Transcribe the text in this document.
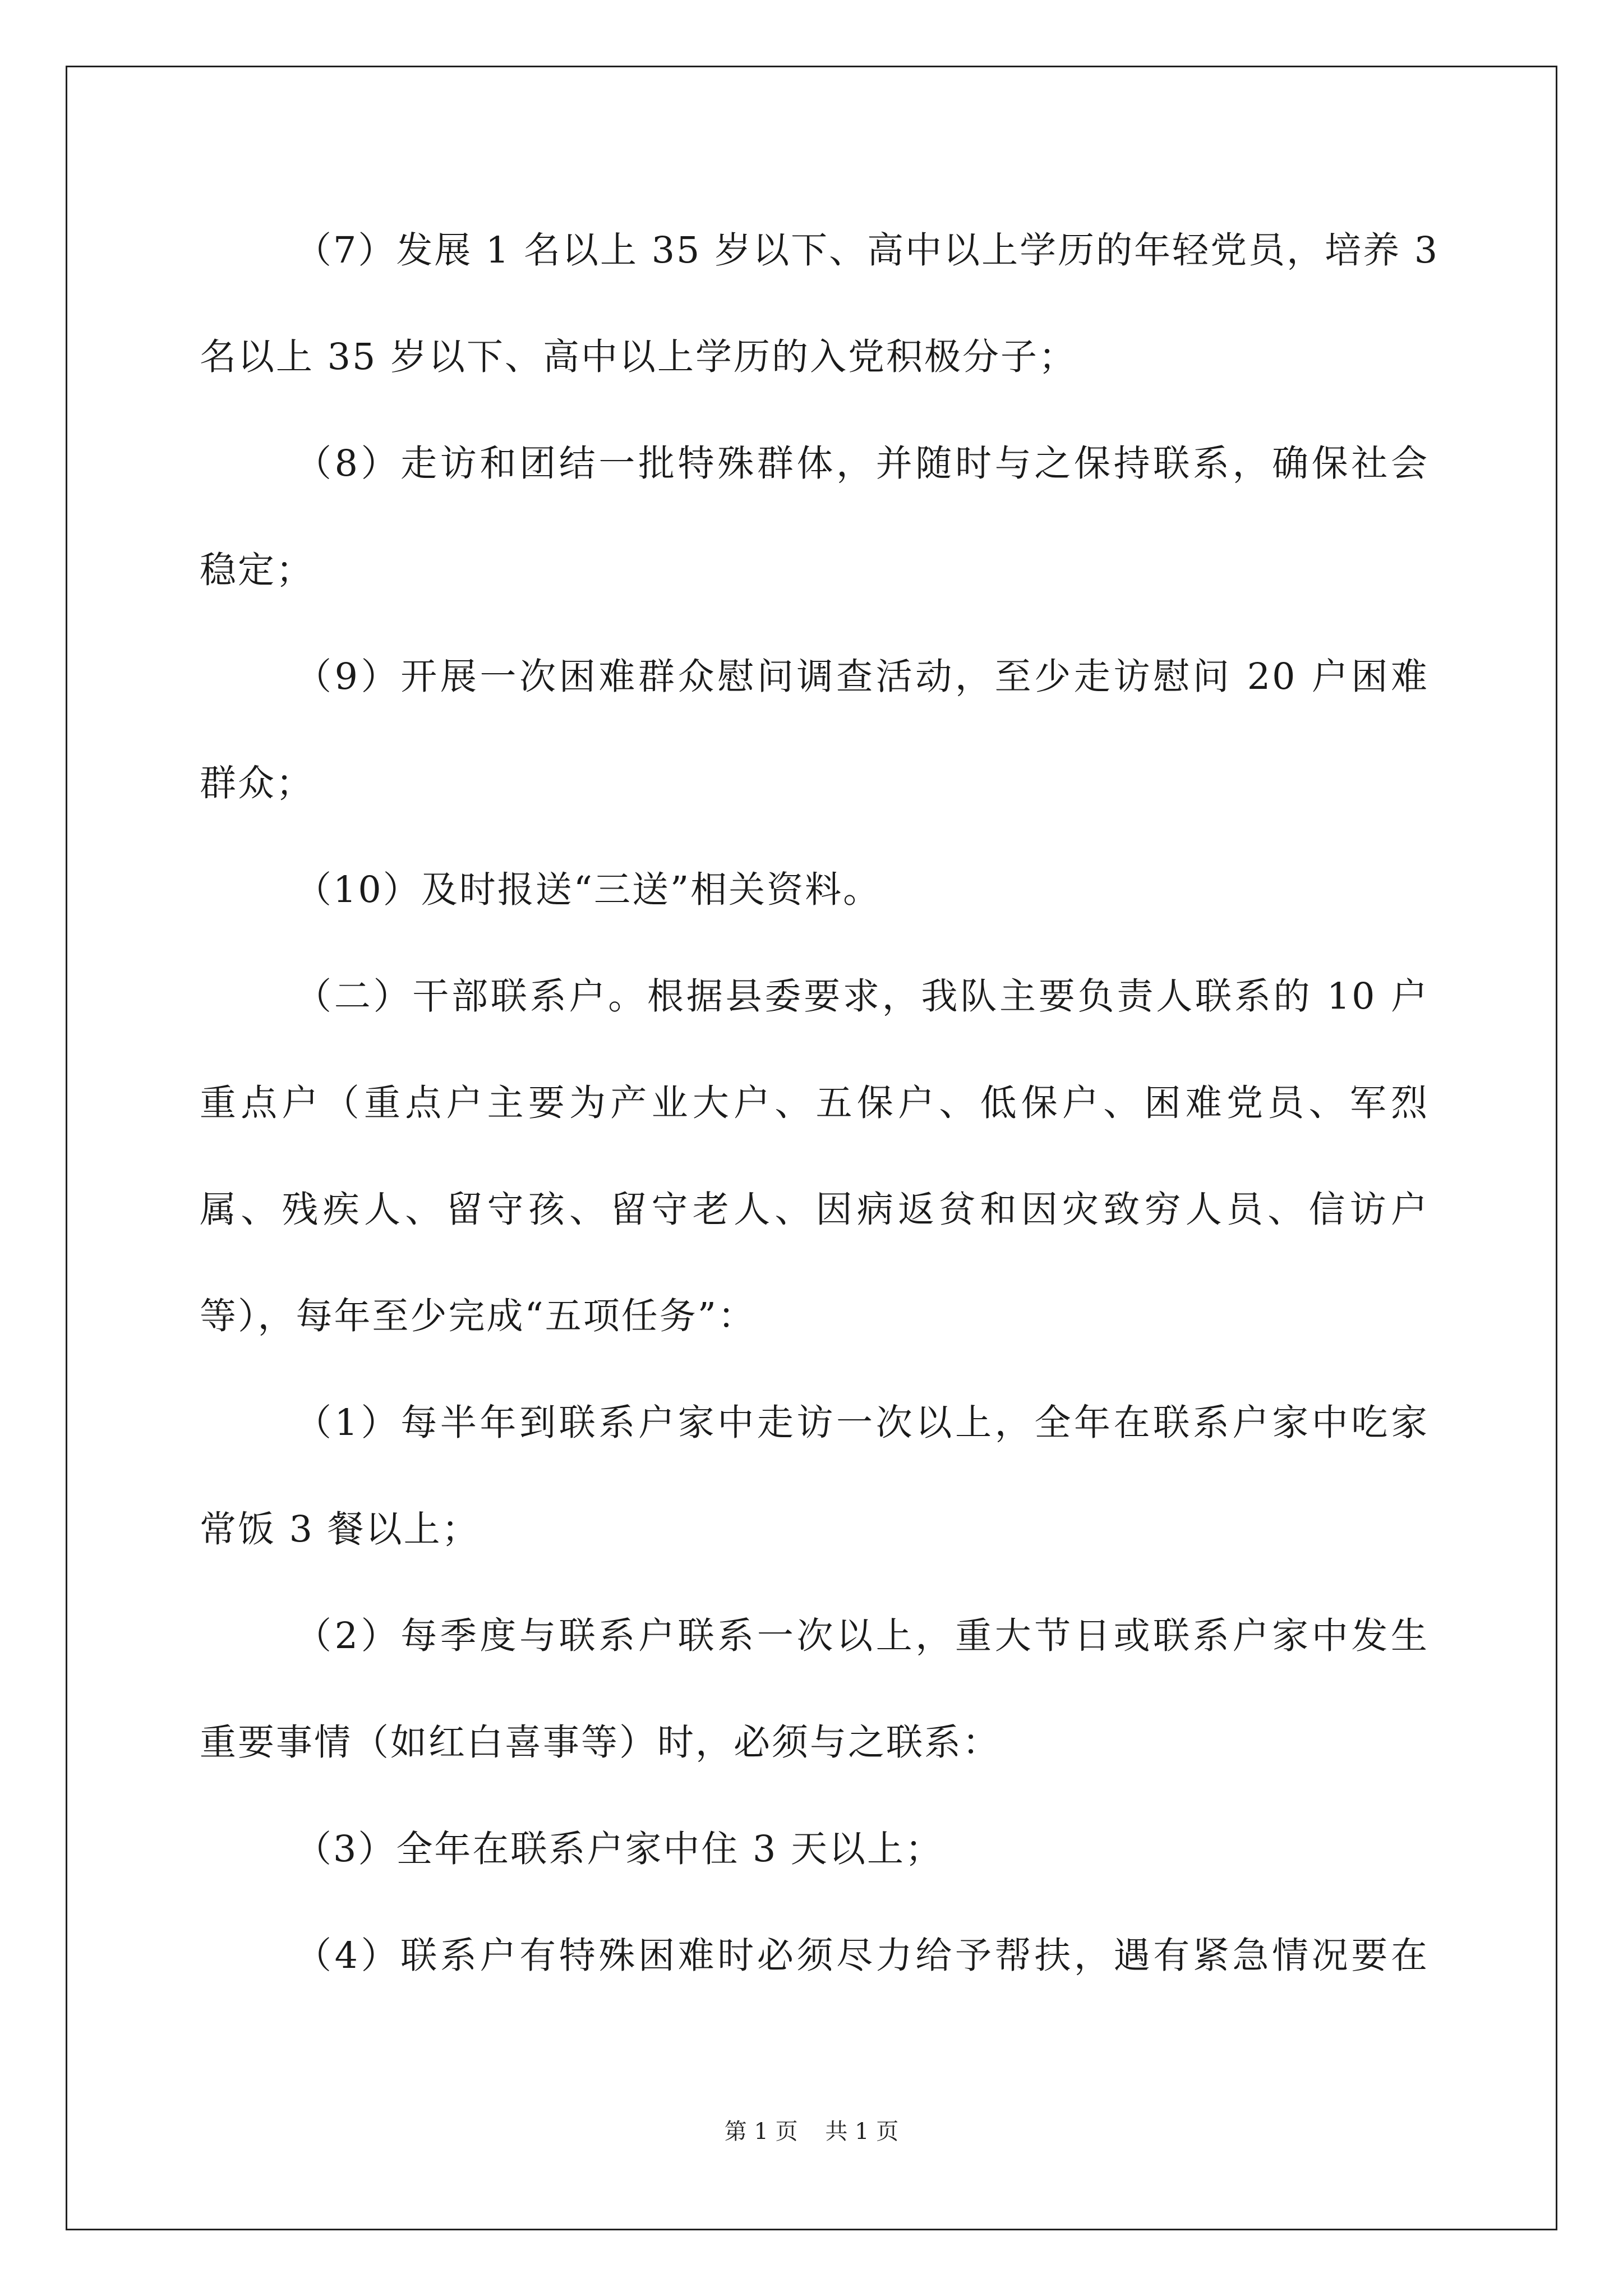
（7）发展 1 名以上 35 岁以下、高中以上学历的年轻党员，培养 3
名以上 35 岁以下、高中以上学历的入党积极分子；
（8）走访和团结一批特殊群体，并随时与之保持联系，确保社会
稳定；
（9）开展一次困难群众慰问调查活动，至少走访慰问 20 户困难
群众；
（10）及时报送“三送”相关资料。
（二）干部联系户。根据县委要求，我队主要负责人联系的 10 户
重点户（重点户主要为产业大户、五保户、低保户、困难党员、军烈
属、残疾人、留守孩、留守老人、因病返贫和因灾致穷人员、信访户
等），每年至少完成“五项任务”：
（1）每半年到联系户家中走访一次以上，全年在联系户家中吃家
常饭 3 餐以上；
（2）每季度与联系户联系一次以上，重大节日或联系户家中发生
重要事情（如红白喜事等）时，必须与之联系：
（3）全年在联系户家中住 3 天以上；
（4）联系户有特殊困难时必须尽力给予帮扶，遇有紧急情况要在
第 1 页 共 1 页
